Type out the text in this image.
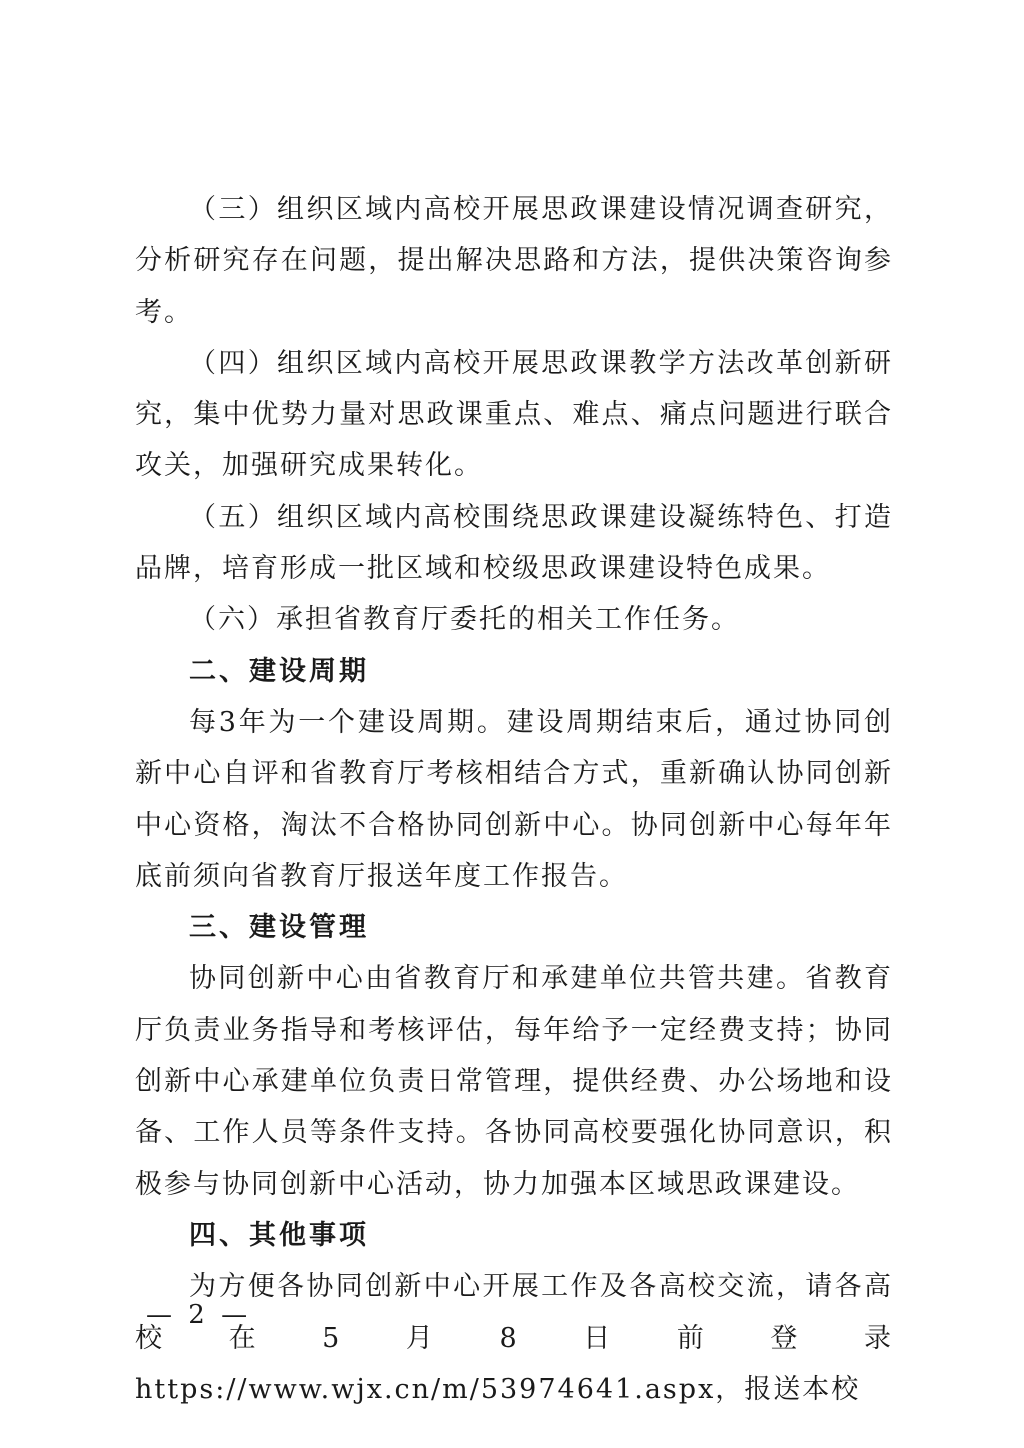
（三）组织区域内高校开展思政课建设情况调查研究，分析研究存在问题，提出解决思路和方法，提供决策咨询参考。

（四）组织区域内高校开展思政课教学方法改革创新研究，集中优势力量对思政课重点、难点、痛点问题进行联合攻关，加强研究成果转化。

（五）组织区域内高校围绕思政课建设凝练特色、打造品牌，培育形成一批区域和校级思政课建设特色成果。

（六）承担省教育厅委托的相关工作任务。

二、建设周期

每3年为一个建设周期。建设周期结束后，通过协同创新中心自评和省教育厅考核相结合方式，重新确认协同创新中心资格，淘汰不合格协同创新中心。协同创新中心每年年底前须向省教育厅报送年度工作报告。

三、建设管理

协同创新中心由省教育厅和承建单位共管共建。省教育厅负责业务指导和考核评估，每年给予一定经费支持；协同创新中心承建单位负责日常管理，提供经费、办公场地和设备、工作人员等条件支持。各协同高校要强化协同意识，积极参与协同创新中心活动，协力加强本区域思政课建设。

四、其他事项

为方便各协同创新中心开展工作及各高校交流，请各高校在5月8日前登录https://www.wjx.cn/m/53974641.aspx，报送本校

— 2 —
